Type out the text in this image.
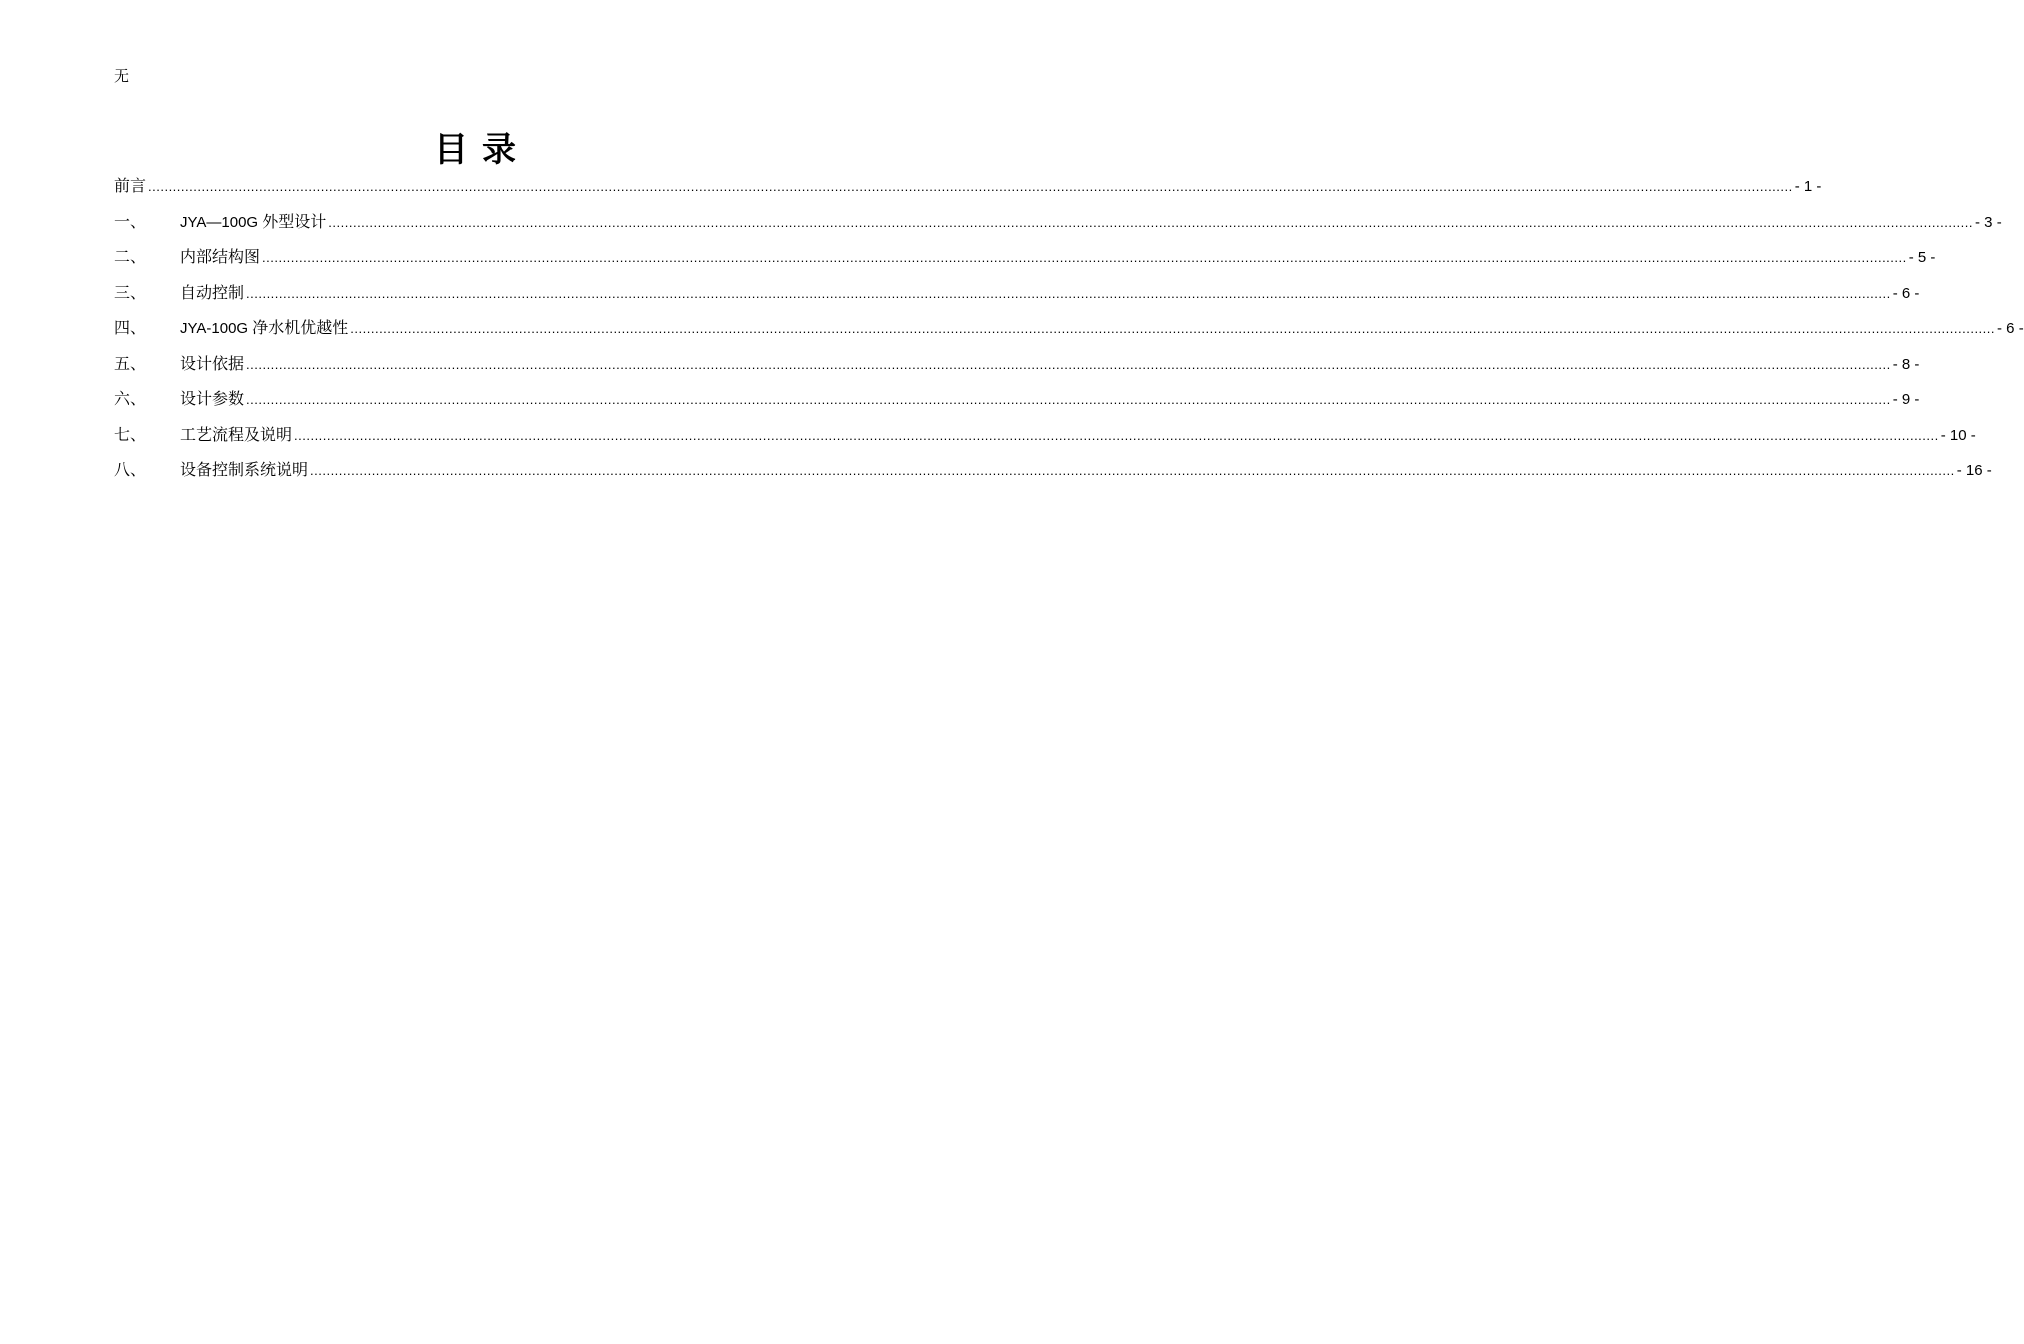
无
目录
前言 ................................................................................................................................................................................................................................................................................................................................................................................................................ - 1 -
一、	JYA—100G 外型设计 ................................................................................................................................................................................................................................................................................................................................................................................................................ - 3 -
二、	内部结构图 ................................................................................................................................................................................................................................................................................................................................................................................................................ - 5 -
三、	自动控制 ................................................................................................................................................................................................................................................................................................................................................................................................................ - 6 -
四、	JYA-100G 净水机优越性 ................................................................................................................................................................................................................................................................................................................................................................................................................ - 6 -
五、	设计依据 ................................................................................................................................................................................................................................................................................................................................................................................................................ - 8 -
六、	设计参数 ................................................................................................................................................................................................................................................................................................................................................................................................................ - 9 -
七、	工艺流程及说明 ................................................................................................................................................................................................................................................................................................................................................................................................................ - 10 -
八、	设备控制系统说明 ................................................................................................................................................................................................................................................................................................................................................................................................................ - 16 -
